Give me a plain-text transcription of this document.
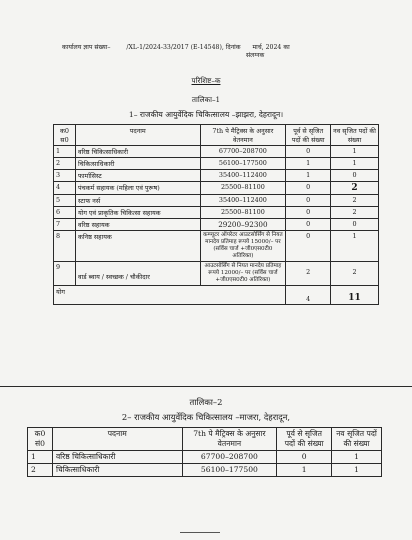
कार्यालय ज्ञाप संख्या–	/XL-1/2024-33/2017 (E-14548), दिनांक मार्च, 2024 का
संलग्नक
परिशिष्ट–क
तालिका–1
1– राजकीय आयुर्वेदिक चिकित्सालय –झाझरा, देहरादून।
क0 स0	पदनाम	7th पे मैट्रिक्स के अनुसार वेतनमान	पूर्व से सृजित पदों की संख्या	नव सृजित पदों की संख्या
1	वरिष्ठ चिकित्साधिकारी	67700–208700	0	1
2	चिकित्साधिकारी	56100–177500	1	1
3	फार्मासिस्ट	35400–112400	1	0
4	पंचकर्म सहायक (महिला एवं पुरूष)	25500–81100	0	2
5	स्टाफ नर्स	35400–112400	0	2
6	योग एवं प्राकृतिक चिकित्सा सहायक	25500–81100	0	2
7	वरिष्ठ सहायक	29200–92300	0	0
8	कनिष्ठ सहायक	कम्प्यूटर ऑपरेटर आउटसोर्सिंग से नियत मानदेय प्रतिमाह रूपये 15000/– पर (सर्विस चार्ज +जी0एस0टी0 अतिरिक्त)	0	1
9	वार्ड ब्वाय / स्वच्छक / चौकीदार	आउटसोर्सिंग से नियत मानदेय प्रतिमाह रूपये 12000/– पर (सर्विस चार्ज +जी0एस0टी0 अतिरिक्त)	2	2
योग			4	11
तालिका–2
2– राजकीय आयुर्वेदिक चिकित्सालय –माजरा, देहरादून,
क0 सं0	पदनाम	7th पे मैट्रिक्स के अनुसार वेतनमान	पूर्व से सृजित पदों की संख्या	नव सृजित पदों की संख्या
1	वरिष्ठ चिकित्साधिकारी	67700–208700	0	1
2	चिकित्साधिकारी	56100–177500	1	1
